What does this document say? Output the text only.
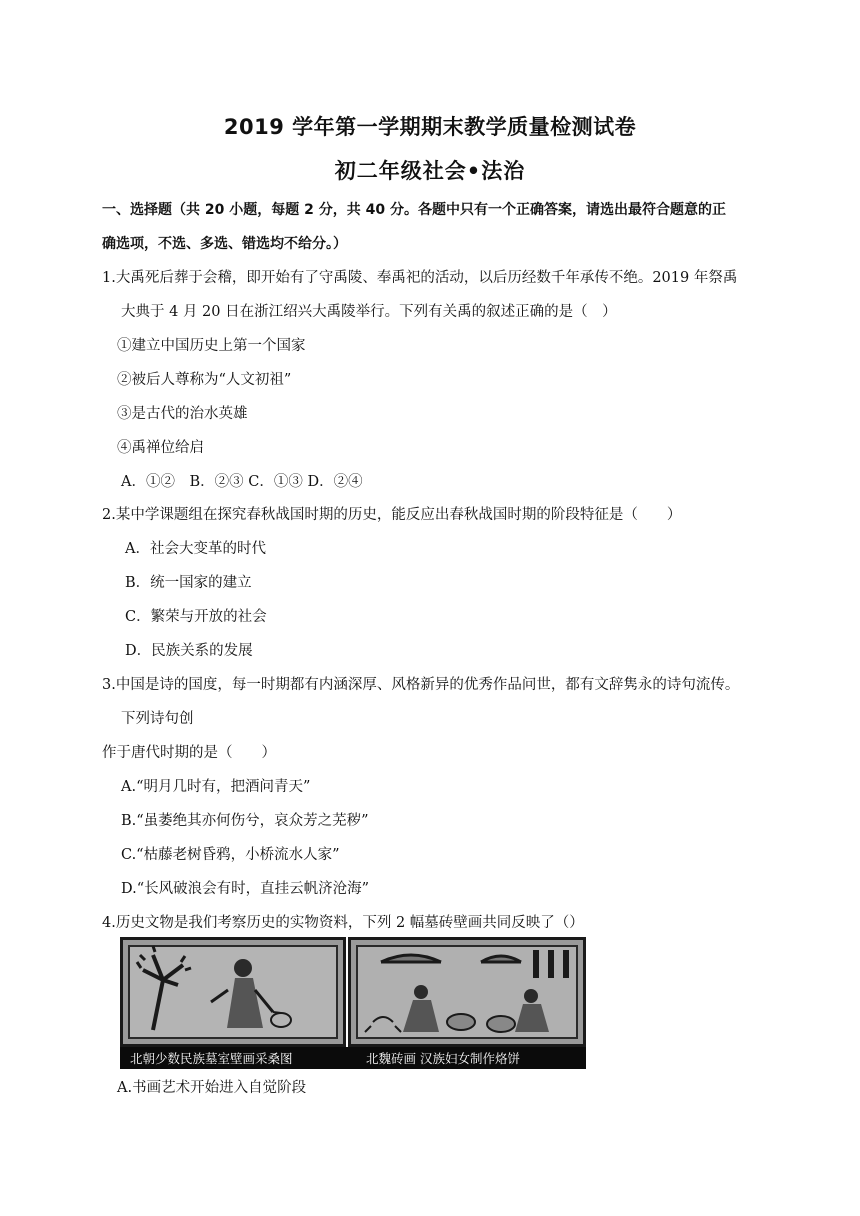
2019 学年第一学期期末教学质量检测试卷
初二年级社会•法治
一、选择题（共 20 小题，每题 2 分，共 40 分。各题中只有一个正确答案，请选出最符合题意的正
确选项，不选、多选、错选均不给分。）
1.大禹死后葬于会稽，即开始有了守禹陵、奉禹祀的活动，以后历经数千年承传不绝。2019 年祭禹
大典于 4 月 20 日在浙江绍兴大禹陵举行。下列有关禹的叙述正确的是（　）
①建立中国历史上第一个国家
②被后人尊称为“人文初祖”
③是古代的治水英雄
④禹禅位给启
A．①②　B．②③ C．①③ D．②④
2.某中学课题组在探究春秋战国时期的历史，能反应出春秋战国时期的阶段特征是（　　）
A．社会大变革的时代
B．统一国家的建立
C．繁荣与开放的社会
D．民族关系的发展
3.中国是诗的国度，每一时期都有内涵深厚、风格新异的优秀作品问世，都有文辞隽永的诗句流传。
下列诗句创
作于唐代时期的是（　　）
A.“明月几时有，把酒问青天”
B.“虽萎绝其亦何伤兮，哀众芳之芜秽”
C.“枯藤老树昏鸦，小桥流水人家”
D.“长风破浪会有时，直挂云帆济沧海”
4.历史文物是我们考察历史的实物资料，下列 2 幅墓砖壁画共同反映了（）
北朝少数民族墓室壁画采桑图	北魏砖画 汉族妇女制作烙饼
A.书画艺术开始进入自觉阶段
